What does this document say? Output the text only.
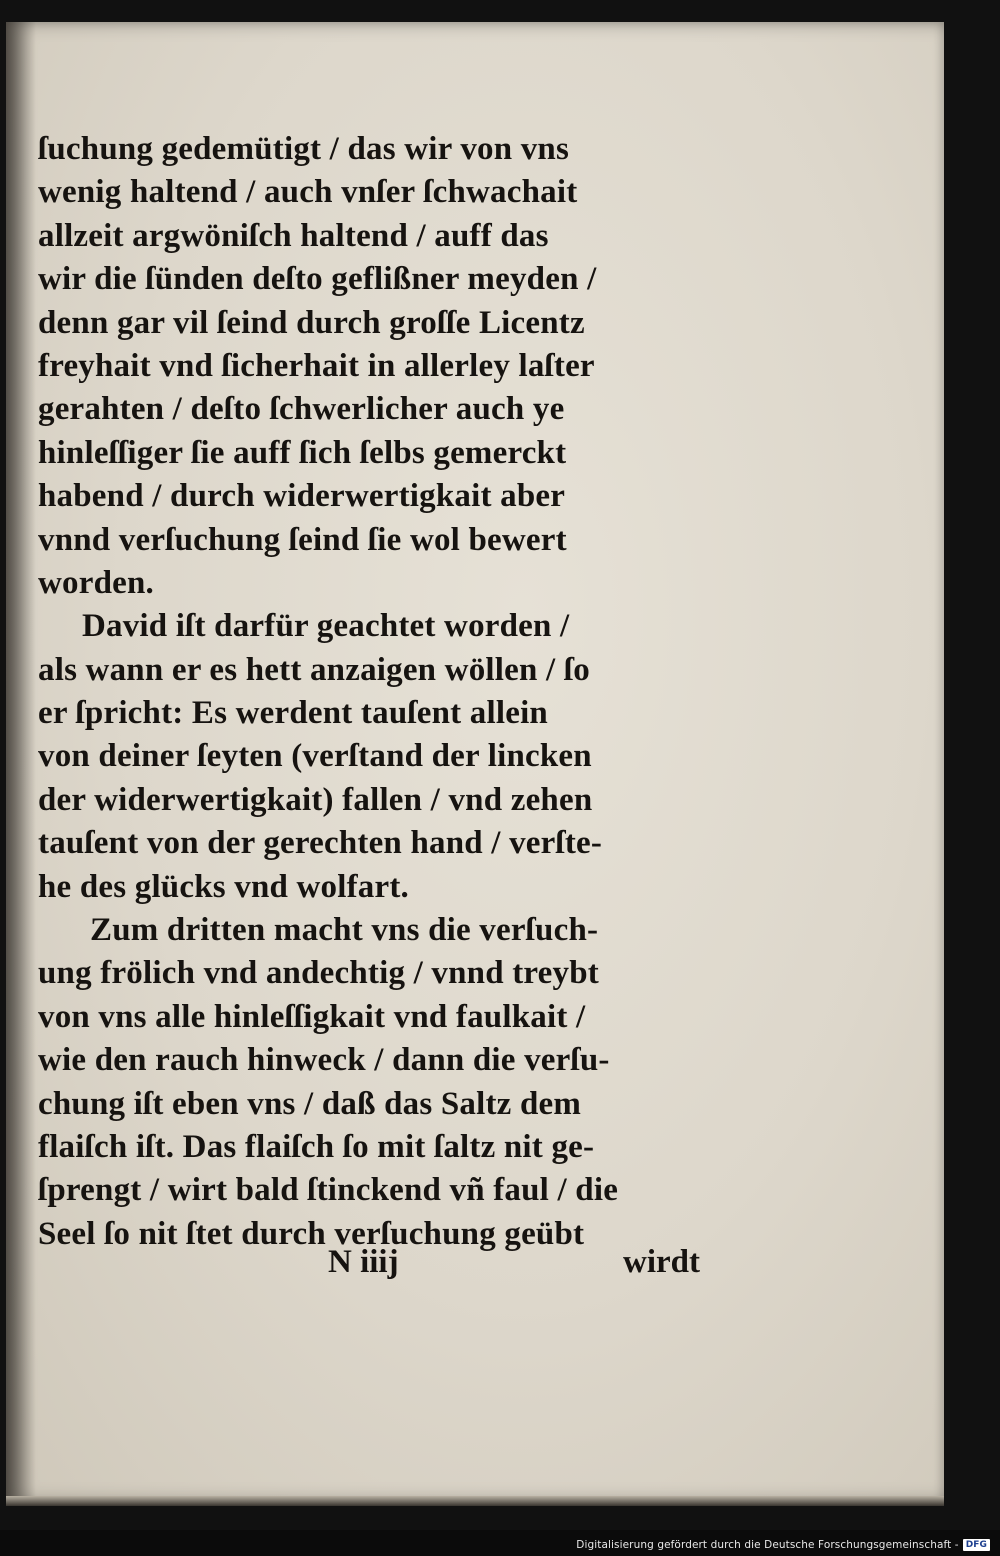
ſuchung gedemütigt / das wir von vns
wenig haltend / auch vnſer ſchwachait
allzeit argwöniſch haltend / auff das
wir die ſünden deſto geflißner meyden /
denn gar vil ſeind durch groſſe Licentz
freyhait vnd ſicherhait in allerley laſter
gerahten / deſto ſchwerlicher auch ye
hinleſſiger ſie auff ſich ſelbs gemerckt
habend / durch widerwertigkait aber
vnnd verſuchung ſeind ſie wol bewert
worden.
David iſt darfür geachtet worden /
als wann er es hett anzaigen wöllen / ſo
er ſpricht: Es werdent tauſent allein
von deiner ſeyten (verſtand der lincken
der widerwertigkait) fallen / vnd zehen
tauſent von der gerechten hand / verſte-
he des glücks vnd wolfart.
Zum dritten macht vns die verſuch-
ung frölich vnd andechtig / vnnd treybt
von vns alle hinleſſigkait vnd faulkait /
wie den rauch hinweck / dann die verſu-
chung iſt eben vns / daß das Saltz dem
flaiſch iſt. Das flaiſch ſo mit ſaltz nit ge-
ſprengt / wirt bald ſtinckend vñ faul / die
Seel ſo nit ſtet durch verſuchung geübt
N iiij	wirdt
Digitalisierung gefördert durch die Deutsche Forschungsgemeinschaft - DFG
